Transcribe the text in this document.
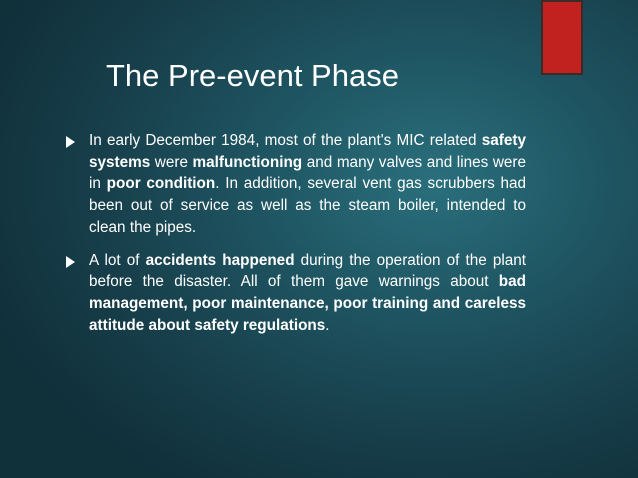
The Pre-event Phase

In early December 1984, most of the plant's MIC related safety systems were malfunctioning and many valves and lines were in poor condition. In addition, several vent gas scrubbers had been out of service as well as the steam boiler, intended to clean the pipes.

A lot of accidents happened during the operation of the plant before the disaster. All of them gave warnings about bad management, poor maintenance, poor training and careless attitude about safety regulations.
